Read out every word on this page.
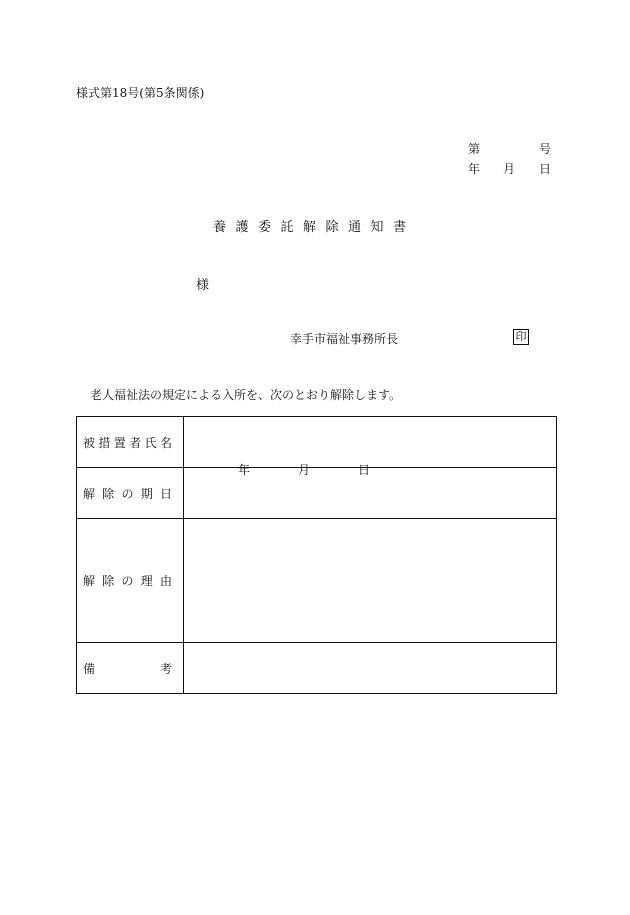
様式第18号(第5条関係)
第	号
年 月 日
養護委託解除通知書
様
幸手市福祉事務所長	印
老人福祉法の規定による入所を、次のとおり解除します。
被措置者氏名	

解除の期日	年 月 日

解除の理由	

備考	
